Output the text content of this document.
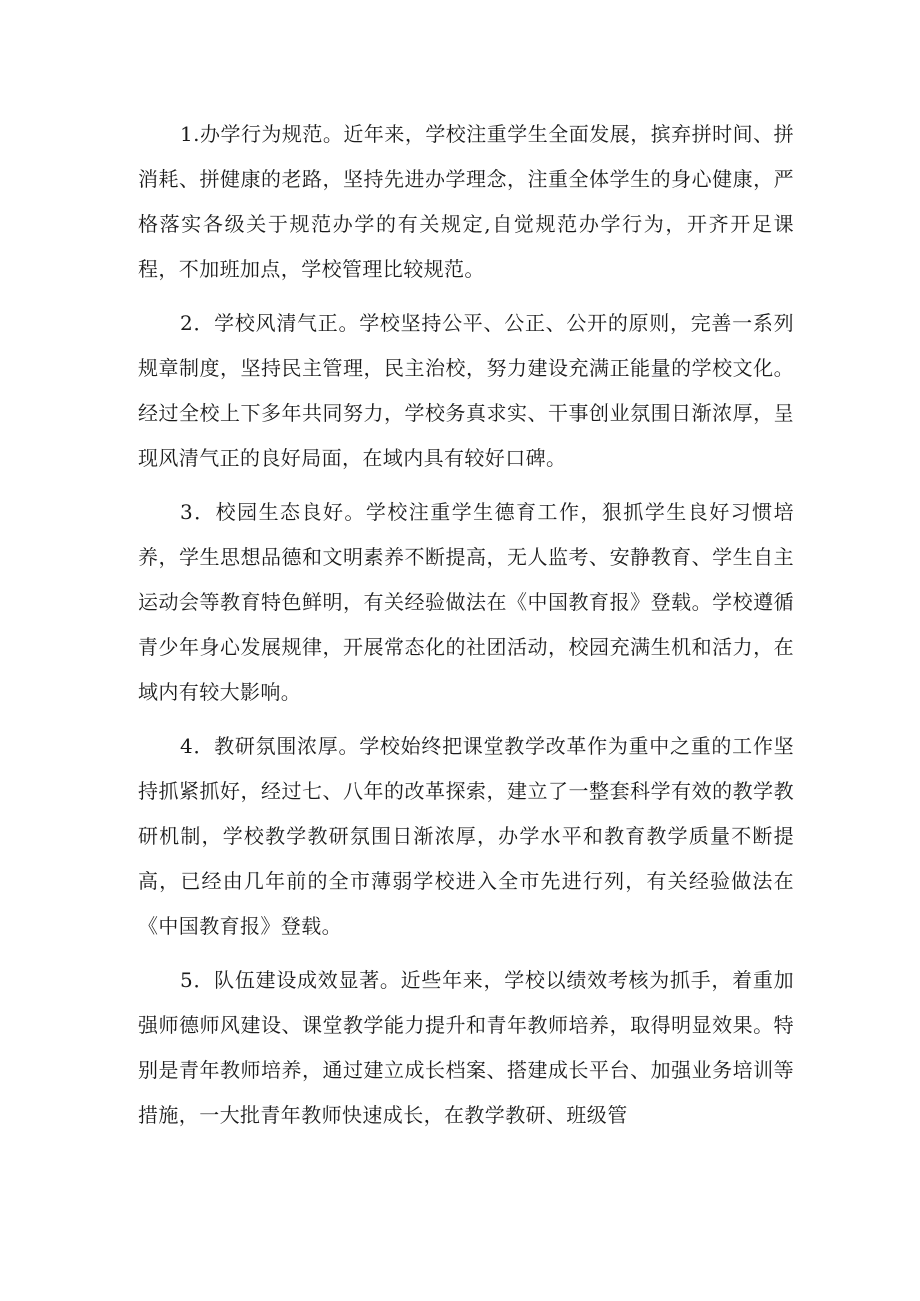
1.办学行为规范。近年来，学校注重学生全面发展，摈弃拼时间、拼消耗、拼健康的老路，坚持先进办学理念，注重全体学生的身心健康，严格落实各级关于规范办学的有关规定,自觉规范办学行为，开齐开足课程，不加班加点，学校管理比较规范。

2．学校风清气正。学校坚持公平、公正、公开的原则，完善一系列规章制度，坚持民主管理，民主治校，努力建设充满正能量的学校文化。经过全校上下多年共同努力，学校务真求实、干事创业氛围日渐浓厚，呈现风清气正的良好局面，在域内具有较好口碑。

3．校园生态良好。学校注重学生德育工作，狠抓学生良好习惯培养，学生思想品德和文明素养不断提高，无人监考、安静教育、学生自主运动会等教育特色鲜明，有关经验做法在《中国教育报》登载。学校遵循青少年身心发展规律，开展常态化的社团活动，校园充满生机和活力，在域内有较大影响。

4．教研氛围浓厚。学校始终把课堂教学改革作为重中之重的工作坚持抓紧抓好，经过七、八年的改革探索，建立了一整套科学有效的教学教研机制，学校教学教研氛围日渐浓厚，办学水平和教育教学质量不断提高，已经由几年前的全市薄弱学校进入全市先进行列，有关经验做法在《中国教育报》登载。

5．队伍建设成效显著。近些年来，学校以绩效考核为抓手，着重加强师德师风建设、课堂教学能力提升和青年教师培养，取得明显效果。特别是青年教师培养，通过建立成长档案、搭建成长平台、加强业务培训等措施，一大批青年教师快速成长，在教学教研、班级管
